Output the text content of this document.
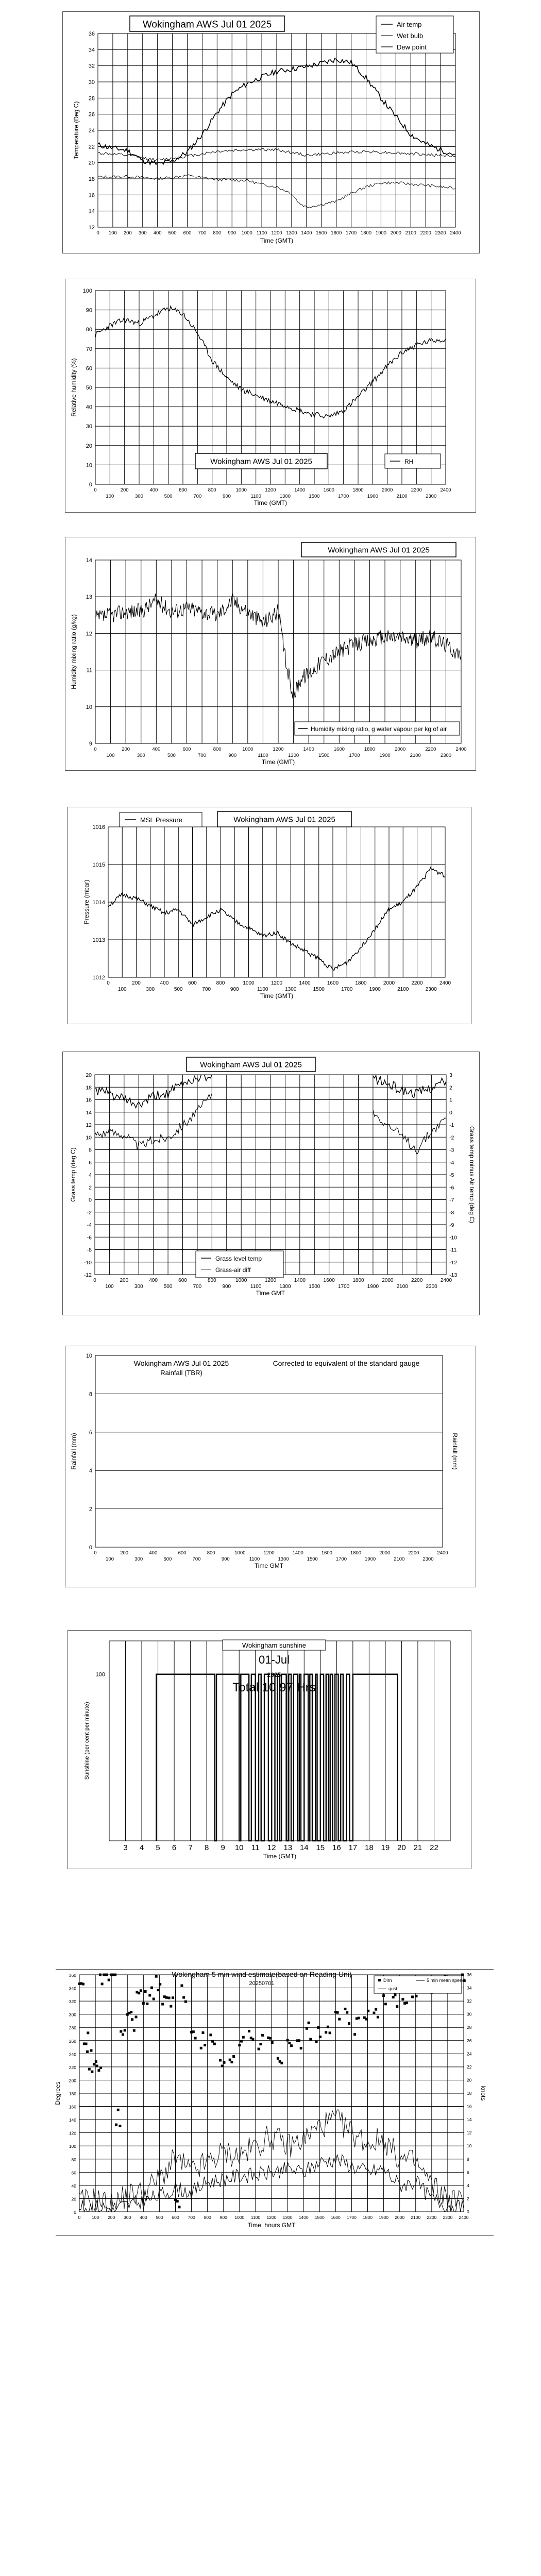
12
14
16
18
20
22
24
26
28
30
32
34
36
0 100 200 300 400 500 600 700 800 900 1000 1100 1200 1300 1400 1500 1600 1700 1800 1900 2000 2100 2200 2300 2400
Time (GMT)
Temperature (Deg C)
Wokingham AWS Jul 01 2025	Air temp
Wet bulb
Dew point
0
10
20
30
40
50
60
70
80
90
100
0
100
200
300
400
500
600
700
800
900
1000
1100
1200
1300
1400
1500
1600
1700
1800
1900
2000
2100
2200
2300
2400
Time (GMT)
Relative humidity (%)
Wokingham AWS Jul 01 2025	RH
9
10
11
12
13
14
0
100
200
300
400
500
600
700
800
900
1000
1100
1200
1300
1400
1500
1600
1700
1800
1900
2000
2100
2200
2300
2400
Time (GMT)
Humidity mixing ratio (g/kg)
Wokingham AWS Jul 01 2025
Humidity mixing ratio, g water vapour per kg of air
1012
1013
1014
1015
1016
0
100
200
300
400
500
600
700
800
900
1000
1100
1200
1300
1400
1500
1600
1700
1800
1900
2000
2100
2200
2300
2400
Time (GMT)
Pressure (mbar)
MSL Pressure	Wokingham AWS Jul 01 2025
-12
-10
-8
-6
-4
-2
0
2
4
6
8
10
12
14
16
18
20
0
100
200
300
400
500
600
700
800
900
1000
1100
1200
1300
1400
1500
1600
1700
1800
1900
2000
2100
2200
2300
2400
Time GMT
Grass temp (deg C)
-13
-12
-11
-10
-9
-8
-7
-6
-5
-4
-3
-2
-1
0
1
2
3
Grass temp minus Air temp (deg C)
Wokingham AWS Jul 01 2025
Grass level temp
Grass-air diff
0
2
4
6
8
10
0
100
200
300
400
500
600
700
800
900
1000
1100
1200
1300
1400
1500
1600
1700
1800
1900
2000
2100
2200
2300
2400
Time GMT
Rainfall (mm)	Rainfall (mm)
Wokingham AWS Jul 01 2025
Rainfall (TBR)
Corrected to equivalent of the standard gauge
100
3 4 5 6 7 8 9 10 11 12 13 14 15 16 17 18 19 20 21 22
Time (GMT)
Sunshine (per cent per minute)
Wokingham sunshine
01-Jul
2025
Total 10.97 Hrs
0
20
40
60
80
100
120
140
160
180
200
220
240
260
280
300
320
340
360
0	100 200 300 400 500 600 700 800 900 1000 1100 1200 1300 1400 1500 1600 1700 1800 1900 2000 2100 2200 2300 2400
Time, hours GMT
Degrees
0
2
4
6
8
10
12
14
16
18
20
22
24
26
28
30
32
34
36
knots
Wokingham 5 min wind estimate(based on Reading Uni)
20250701	Dirn	5 min mean speed
gust
